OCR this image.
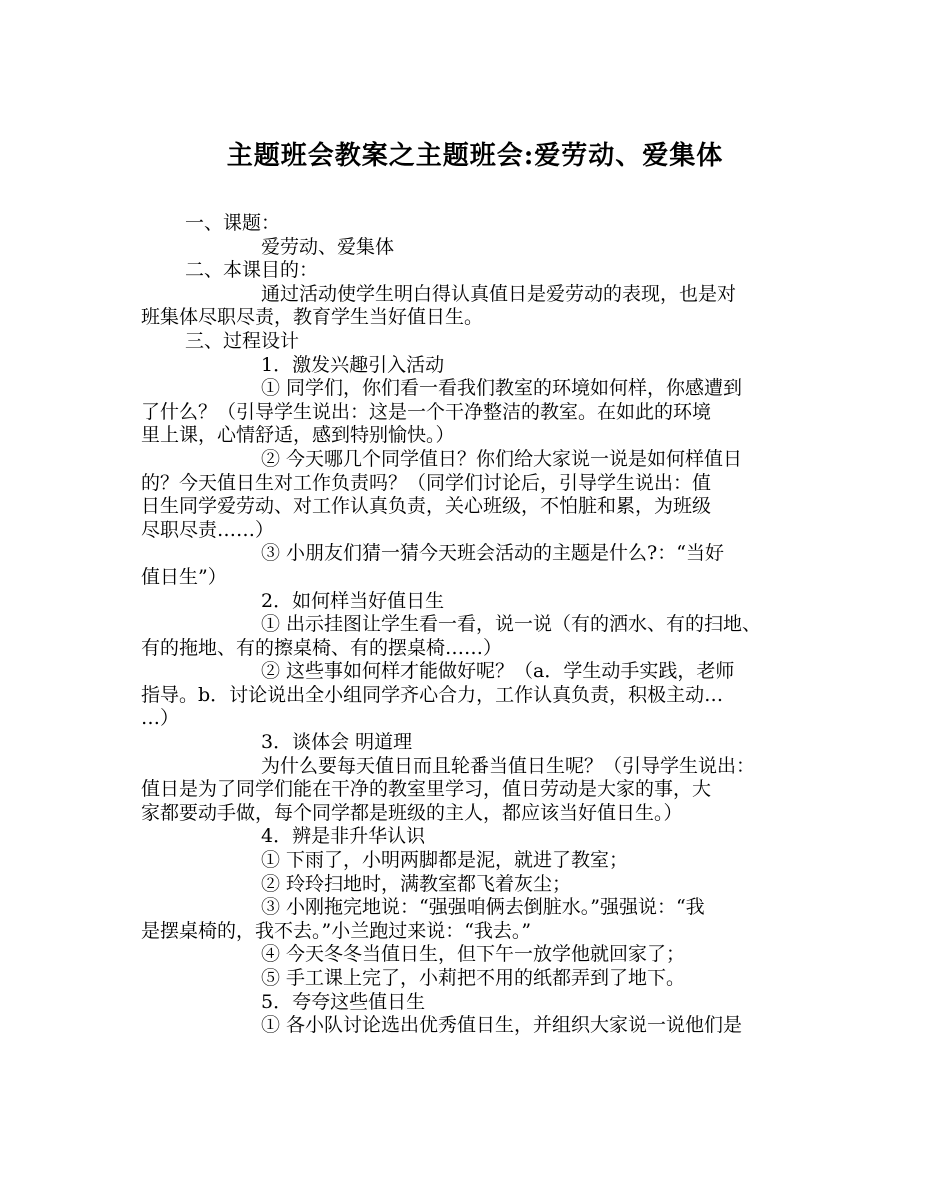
主题班会教案之主题班会:爱劳动、爱集体

一、课题：

爱劳动、爱集体

二、本课目的：

通过活动使学生明白得认真值日是爱劳动的表现，也是对

班集体尽职尽责，教育学生当好值日生。

三、过程设计

1．激发兴趣引入活动

① 同学们，你们看一看我们教室的环境如何样，你感遭到

了什么？（引导学生说出：这是一个干净整洁的教室。在如此的环境

里上课，心情舒适，感到特别愉快。）

② 今天哪几个同学值日？你们给大家说一说是如何样值日

的？今天值日生对工作负责吗？（同学们讨论后，引导学生说出：值

日生同学爱劳动、对工作认真负责，关心班级，不怕脏和累，为班级

尽职尽责……）

③ 小朋友们猜一猜今天班会活动的主题是什么?：“当好

值日生”）

2．如何样当好值日生

① 出示挂图让学生看一看，说一说（有的洒水、有的扫地、

有的拖地、有的擦桌椅、有的摆桌椅……）

② 这些事如何样才能做好呢？（a．学生动手实践，老师

指导。b．讨论说出全小组同学齐心合力，工作认真负责，积极主动…

…）

3．谈体会 明道理

为什么要每天值日而且轮番当值日生呢？（引导学生说出：

值日是为了同学们能在干净的教室里学习，值日劳动是大家的事，大

家都要动手做，每个同学都是班级的主人，都应该当好值日生。）

4．辨是非升华认识

① 下雨了，小明两脚都是泥，就进了教室；

② 玲玲扫地时，满教室都飞着灰尘；

③ 小刚拖完地说：“强强咱俩去倒脏水。”强强说：“我

是摆桌椅的，我不去。”小兰跑过来说：“我去。”

④ 今天冬冬当值日生，但下午一放学他就回家了；

⑤ 手工课上完了，小莉把不用的纸都弄到了地下。

5．夸夸这些值日生

① 各小队讨论选出优秀值日生，并组织大家说一说他们是
